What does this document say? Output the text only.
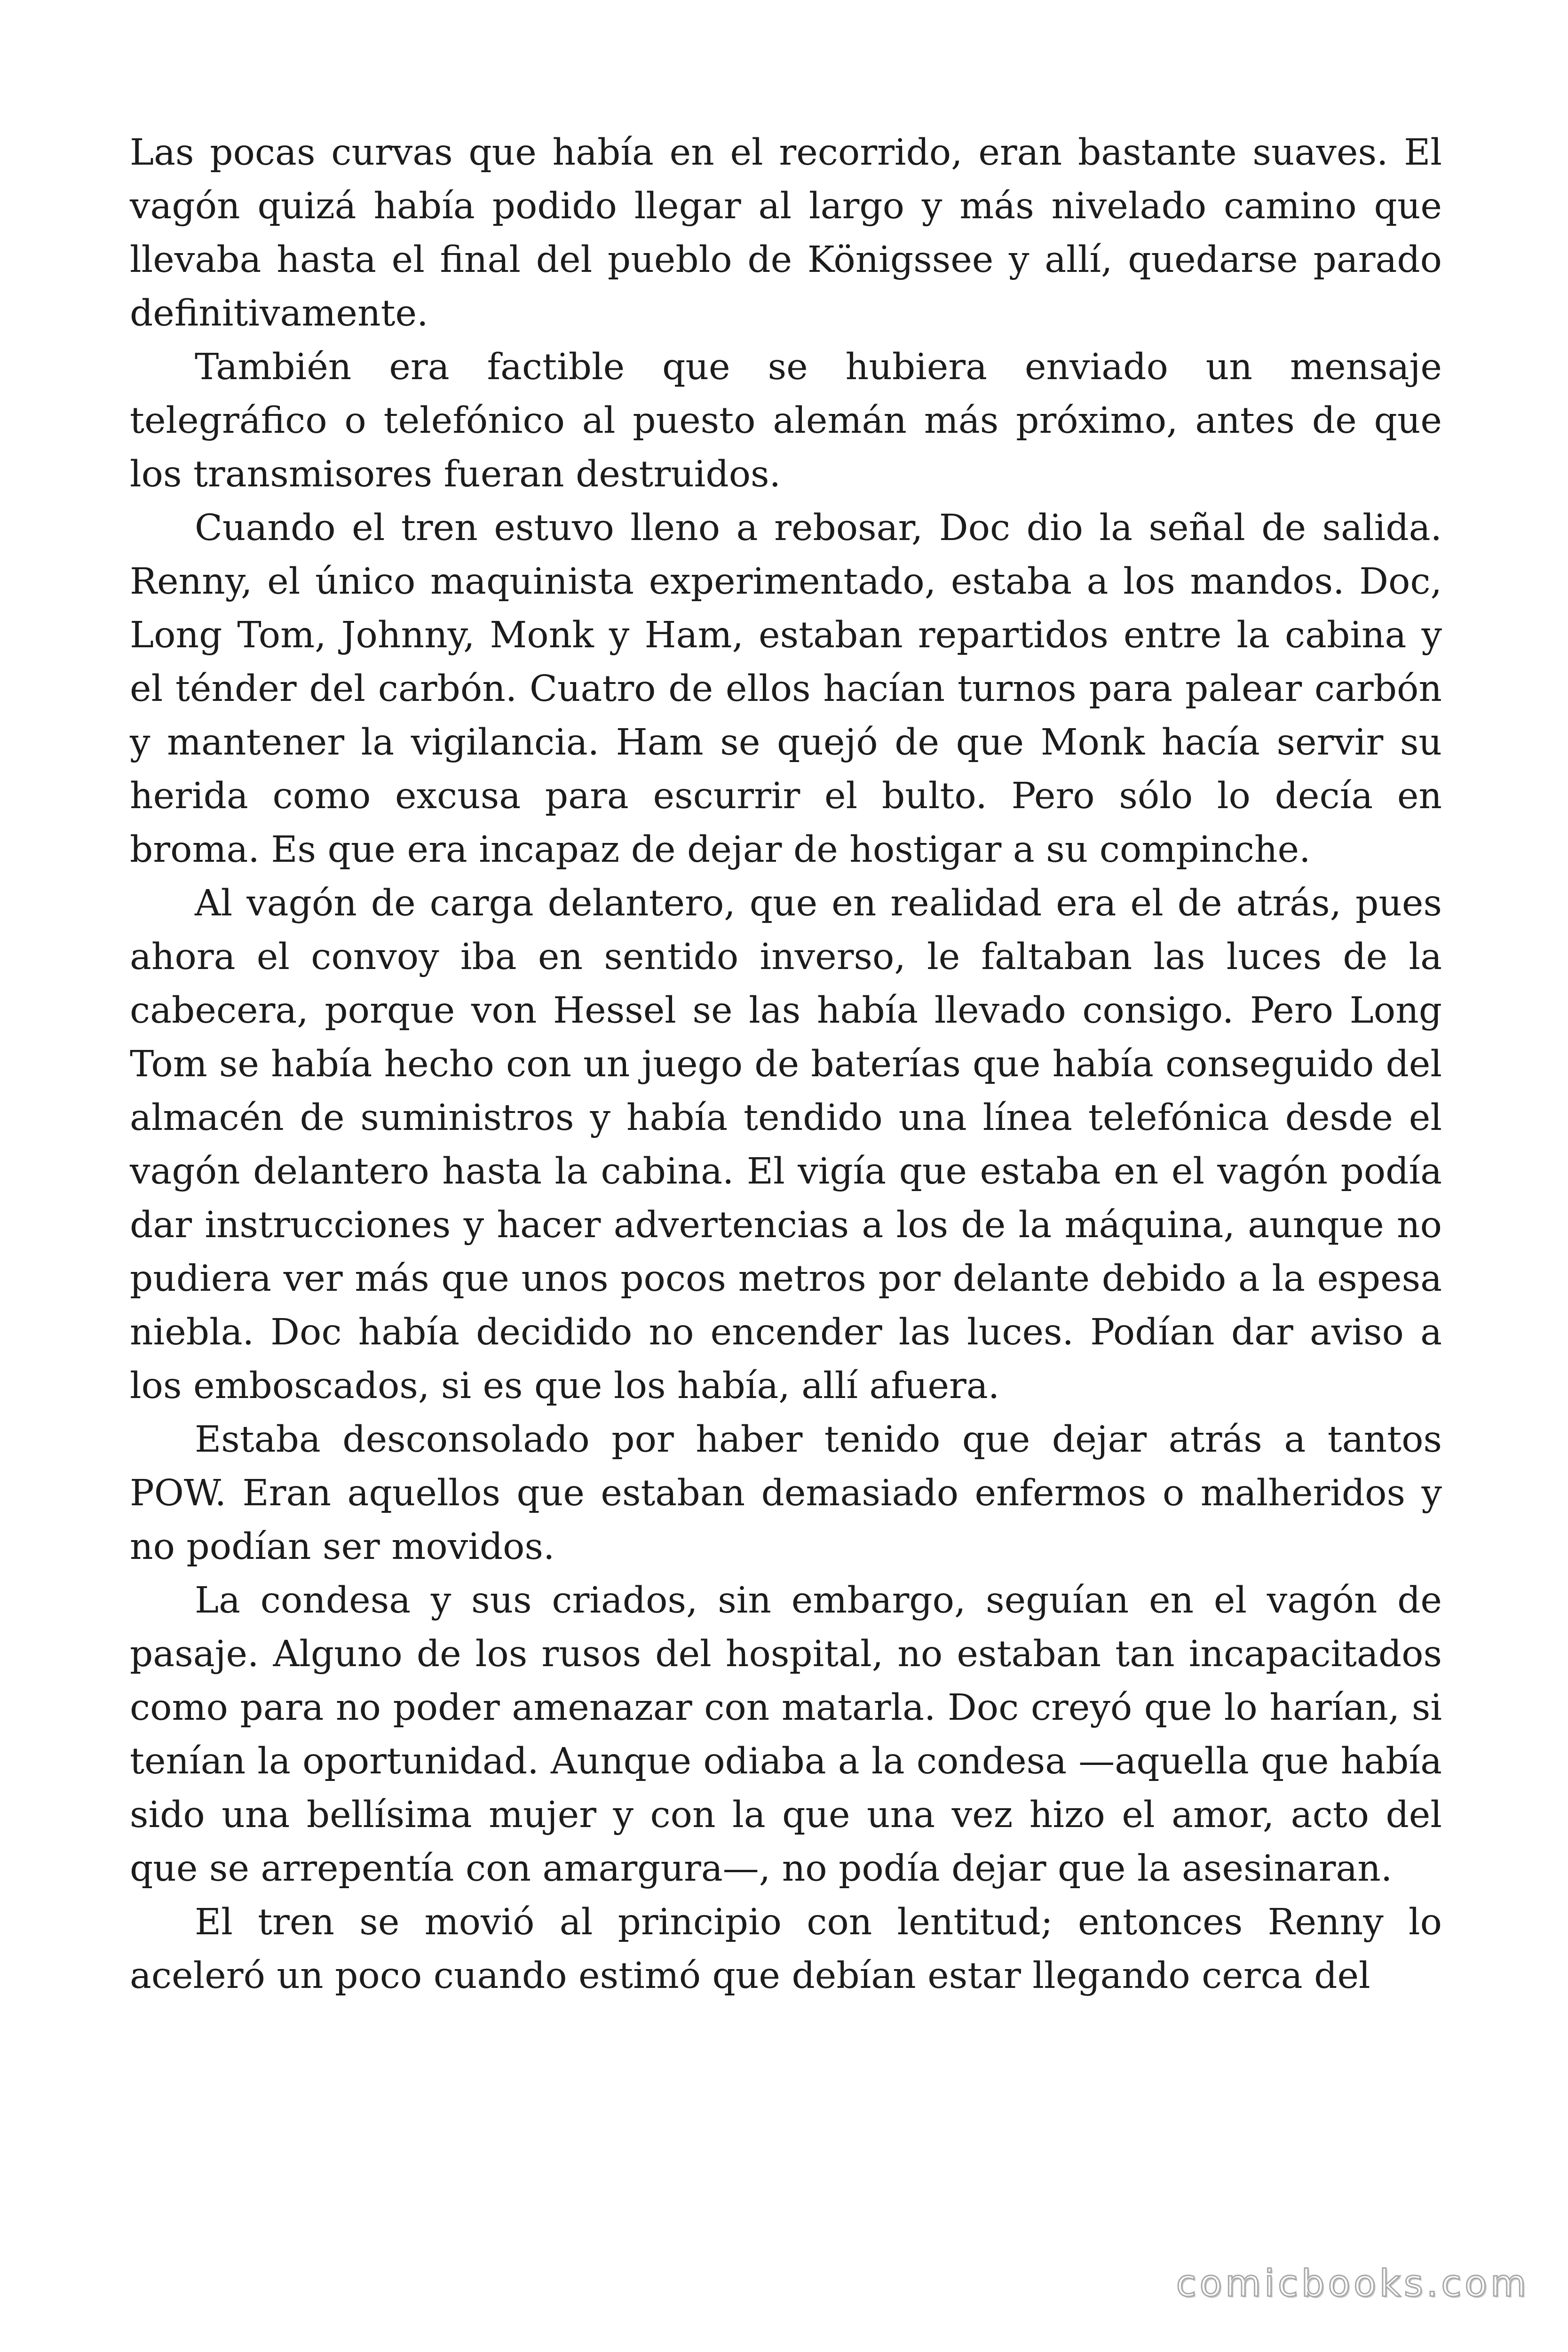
Las pocas curvas que había en el recorrido, eran bastante suaves. El vagón quizá había podido llegar al largo y más nivelado camino que llevaba hasta el final del pueblo de Königssee y allí, quedarse parado definitivamente.

También era factible que se hubiera enviado un mensaje telegráfico o telefónico al puesto alemán más próximo, antes de que los transmisores fueran destruidos.

Cuando el tren estuvo lleno a rebosar, Doc dio la señal de salida. Renny, el único maquinista experimentado, estaba a los mandos. Doc, Long Tom, Johnny, Monk y Ham, estaban repartidos entre la cabina y el ténder del carbón. Cuatro de ellos hacían turnos para palear carbón y mantener la vigilancia. Ham se quejó de que Monk hacía servir su herida como excusa para escurrir el bulto. Pero sólo lo decía en broma. Es que era incapaz de dejar de hostigar a su compinche.

Al vagón de carga delantero, que en realidad era el de atrás, pues ahora el convoy iba en sentido inverso, le faltaban las luces de la cabecera, porque von Hessel se las había llevado consigo. Pero Long Tom se había hecho con un juego de baterías que había conseguido del almacén de suministros y había tendido una línea telefónica desde el vagón delantero hasta la cabina. El vigía que estaba en el vagón podía dar instrucciones y hacer advertencias a los de la máquina, aunque no pudiera ver más que unos pocos metros por delante debido a la espesa niebla. Doc había decidido no encender las luces. Podían dar aviso a los emboscados, si es que los había, allí afuera.

Estaba desconsolado por haber tenido que dejar atrás a tantos POW. Eran aquellos que estaban demasiado enfermos o malheridos y no podían ser movidos.

La condesa y sus criados, sin embargo, seguían en el vagón de pasaje. Alguno de los rusos del hospital, no estaban tan incapacitados como para no poder amenazar con matarla. Doc creyó que lo harían, si tenían la oportunidad. Aunque odiaba a la condesa —aquella que había sido una bellísima mujer y con la que una vez hizo el amor, acto del que se arrepentía con amargura—, no podía dejar que la asesinaran.

El tren se movió al principio con lentitud; entonces Renny lo aceleró un poco cuando estimó que debían estar llegando cerca del

comicbooks.com
